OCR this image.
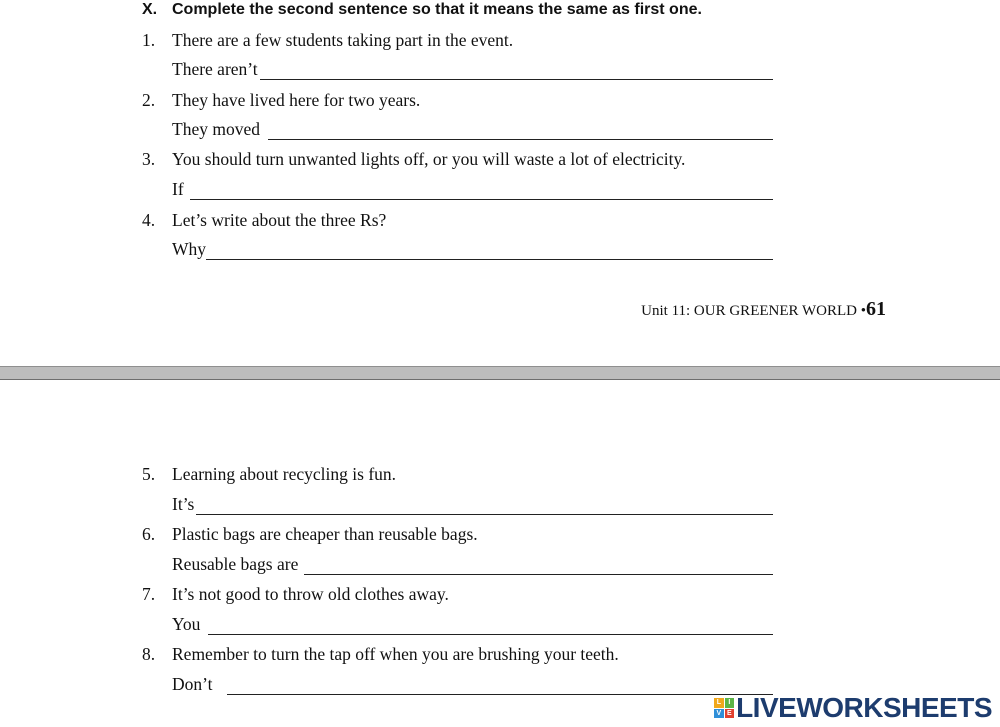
X. Complete the second sentence so that it means the same as first one.
1. There are a few students taking part in the event.
There aren’t
2. They have lived here for two years.
They moved
3. You should turn unwanted lights off, or you will waste a lot of electricity.
If
4. Let’s write about the three Rs?
Why
Unit 11: OUR GREENER WORLD •61
5. Learning about recycling is fun.
It’s
6. Plastic bags are cheaper than reusable bags.
Reusable bags are
7. It’s not good to throw old clothes away.
You
8. Remember to turn the tap off when you are brushing your teeth.
Don’t
L	I
V E LIVEWORKSHEETS
